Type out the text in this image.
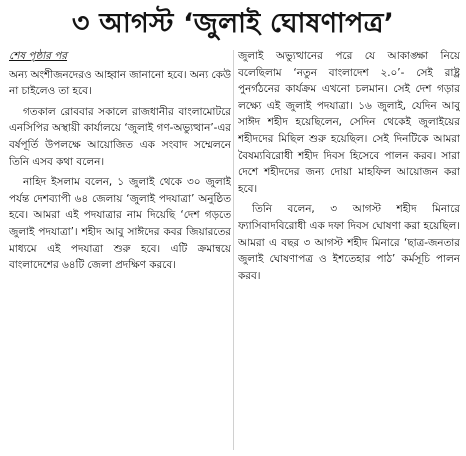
৩ আগস্ট ‘জুলাই ঘোষণাপত্র’
শেষ পৃষ্ঠার পর

অন্য অংশীজনদেরও আহ্বান জানানো হবে। অন্য কেউ না চাইলেও তা হবে।

গতকাল রোববার সকালে রাজধানীর বাংলামোটরে এনসিপির অস্থায়ী কার্যালয়ে ‘জুলাই গণ-অভ্যুত্থান’-এর বর্ষপূর্তি উপলক্ষে আয়োজিত এক সংবাদ সম্মেলনে তিনি এসব কথা বলেন।

নাহিদ ইসলাম বলেন, ১ জুলাই থেকে ৩০ জুলাই পর্যন্ত দেশব্যাপী ৬৪ জেলায় ‘জুলাই পদযাত্রা’ অনুষ্ঠিত হবে। আমরা এই পদযাত্রার নাম দিয়েছি ‘দেশ গড়তে জুলাই পদযাত্রা’। শহীদ আবু সাঈদের কবর জিয়ারতের মাধ্যমে এই পদযাত্রা শুরু হবে। এটি ক্রমান্বয়ে বাংলাদেশের ৬৪টি জেলা প্রদক্ষিণ করবে।

জুলাই অভ্যুত্থানের পরে যে আকাঙ্ক্ষা নিয়ে বলেছিলাম ‘নতুন বাংলাদেশ ২.০’- সেই রাষ্ট্র পুনর্গঠনের কার্যক্রম এখনো চলমান। সেই দেশ গড়ার লক্ষ্যে এই জুলাই পদযাত্রা। ১৬ জুলাই, যেদিন আবু সাঈদ শহীদ হয়েছিলেন, সেদিন থেকেই জুলাইয়ের শহীদদের মিছিল শুরু হয়েছিল। সেই দিনটিকে আমরা বৈষম্যবিরোধী শহীদ দিবস হিসেবে পালন করব। সারা দেশে শহীদদের জন্য দোয়া মাহফিল আয়োজন করা হবে।

তিনি বলেন, ৩ আগস্ট শহীদ মিনারে ফ্যাসিবাদবিরোধী এক দফা দিবস ঘোষণা করা হয়েছিল। আমরা এ বছর ৩ আগস্ট শহীদ মিনারে ‘ছাত্র-জনতার জুলাই ঘোষণাপত্র ও ইশতেহার পাঠ’ কর্মসূচি পালন করব।
